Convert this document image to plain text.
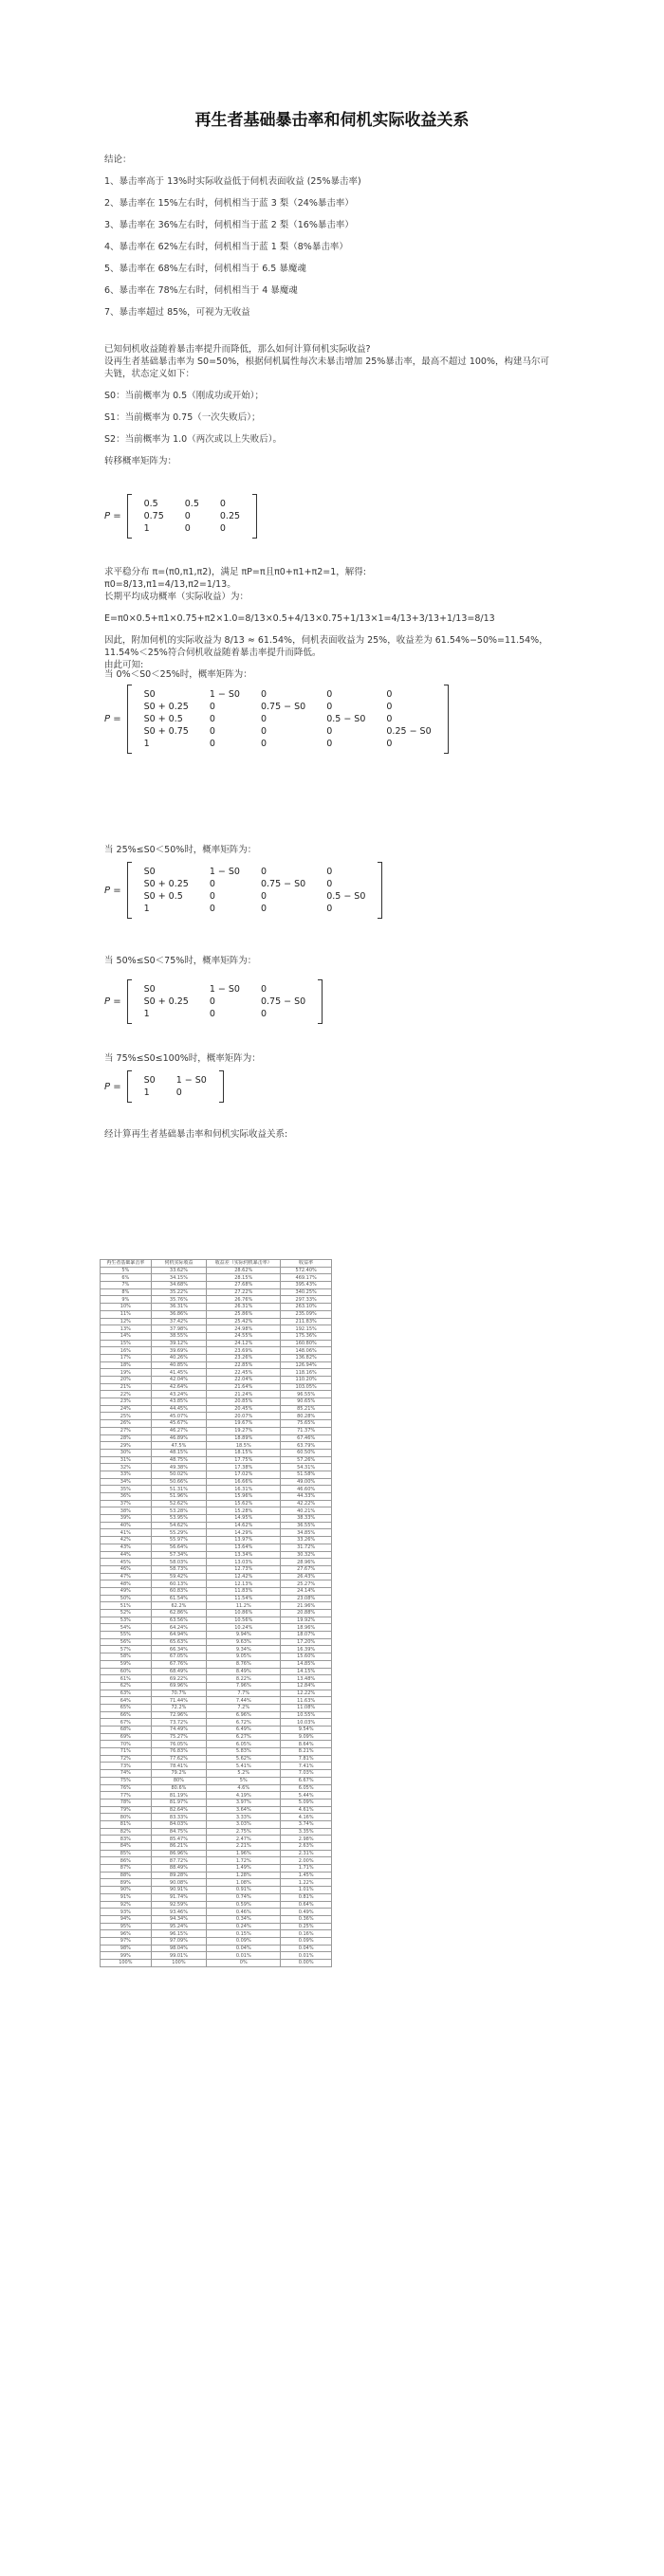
再生者基础暴击率和伺机实际收益关系

结论：

1、暴击率高于 13%时实际收益低于伺机表面收益 (25%暴击率)

2、暴击率在 15%左右时，伺机相当于蓝 3 梨（24%暴击率）

3、暴击率在 36%左右时，伺机相当于蓝 2 梨（16%暴击率）

4、暴击率在 62%左右时，伺机相当于蓝 1 梨（8%暴击率）

5、暴击率在 68%左右时，伺机相当于 6.5 暴魔魂

6、暴击率在 78%左右时，伺机相当于 4 暴魔魂

7、暴击率超过 85%，可视为无收益

已知伺机收益随着暴击率提升而降低，那么如何计算伺机实际收益?

设再生者基础暴击率为 S0=50%，根据伺机属性每次未暴击增加 25%暴击率，最高不超过 100%，构建马尔可夫链，状态定义如下：

S0：当前概率为 0.5（刚成功或开始）；

S1：当前概率为 0.75（一次失败后）；

S2：当前概率为 1.0（两次或以上失败后）。

转移概率矩阵为：

P =
0.5	0.5	0
0.75	0	0.25
1	0	0

求平稳分布 π=(π0,π1,π2)，满足 πP=π且π0+π1+π2=1，解得:

π0=8/13,π1=4/13,π2=1/13。

长期平均成功概率（实际收益）为：

E=π0×0.5+π1×0.75+π2×1.0=8/13×0.5+4/13×0.75+1/13×1=4/13+3/13+1/13=8/13

因此，附加伺机的实际收益为 8/13 ≈ 61.54%，伺机表面收益为 25%，收益差为 61.54%−50%=11.54%，11.54%＜25%符合伺机收益随着暴击率提升而降低。

由此可知:

当 0%＜S0＜25%时，概率矩阵为：
P =
S0	1 − S0	0	0	0
S0 + 0.25	0	0.75 − S0	0	0
S0 + 0.5	0	0	0.5 − S0	0
S0 + 0.75	0	0	0	0.25 − S0
1	0	0	0	0
当 25%≤S0＜50%时，概率矩阵为：
P =
S0	1 − S0	0	0
S0 + 0.25	0	0.75 − S0	0
S0 + 0.5	0	0	0.5 − S0
1	0	0	0
当 50%≤S0＜75%时，概率矩阵为：
P =
S0	1 − S0	0
S0 + 0.25	0	0.75 − S0
1	0	0
当 75%≤S0≤100%时，概率矩阵为：
P =
S0	1 − S0
1	0
经计算再生者基础暴击率和伺机实际收益关系:
再生者基础暴击率	伺机实际收益	收益差（实际伺机暴击率）	收益率
5%	33.62%	28.62%	572.40%
6%	34.15%	28.15%	469.17%
7%	34.68%	27.68%	395.43%
8%	35.22%	27.22%	340.25%
9%	35.76%	26.76%	297.33%
10%	36.31%	26.31%	263.10%
11%	36.86%	25.86%	235.09%
12%	37.42%	25.42%	211.83%
13%	37.98%	24.98%	192.15%
14%	38.55%	24.55%	175.36%
15%	39.12%	24.12%	160.80%
16%	39.69%	23.69%	148.06%
17%	40.26%	23.26%	136.82%
18%	40.85%	22.85%	126.94%
19%	41.45%	22.45%	118.16%
20%	42.04%	22.04%	110.20%
21%	42.64%	21.64%	103.05%
22%	43.24%	21.24%	96.55%
23%	43.85%	20.85%	90.65%
24%	44.45%	20.45%	85.21%
25%	45.07%	20.07%	80.28%
26%	45.67%	19.67%	75.65%
27%	46.27%	19.27%	71.37%
28%	46.89%	18.89%	67.46%
29%	47.5%	18.5%	63.79%
30%	48.15%	18.15%	60.50%
31%	48.75%	17.75%	57.26%
32%	49.38%	17.38%	54.31%
33%	50.02%	17.02%	51.58%
34%	50.66%	16.66%	49.00%
35%	51.31%	16.31%	46.60%
36%	51.96%	15.96%	44.33%
37%	52.62%	15.62%	42.22%
38%	53.28%	15.28%	40.21%
39%	53.95%	14.95%	38.33%
40%	54.62%	14.62%	36.55%
41%	55.29%	14.29%	34.85%
42%	55.97%	13.97%	33.26%
43%	56.64%	13.64%	31.72%
44%	57.34%	13.34%	30.32%
45%	58.03%	13.03%	28.96%
46%	58.73%	12.73%	27.67%
47%	59.42%	12.42%	26.43%
48%	60.13%	12.13%	25.27%
49%	60.83%	11.83%	24.14%
50%	61.54%	11.54%	23.08%
51%	62.2%	11.2%	21.96%
52%	62.86%	10.86%	20.88%
53%	63.56%	10.56%	19.92%
54%	64.24%	10.24%	18.96%
55%	64.94%	9.94%	18.07%
56%	65.63%	9.63%	17.20%
57%	66.34%	9.34%	16.39%
58%	67.05%	9.05%	15.60%
59%	67.76%	8.76%	14.85%
60%	68.49%	8.49%	14.15%
61%	69.22%	8.22%	13.48%
62%	69.96%	7.96%	12.84%
63%	70.7%	7.7%	12.22%
64%	71.44%	7.44%	11.63%
65%	72.2%	7.2%	11.08%
66%	72.96%	6.96%	10.55%
67%	73.72%	6.72%	10.03%
68%	74.49%	6.49%	9.54%
69%	75.27%	6.27%	9.09%
70%	76.05%	6.05%	8.64%
71%	76.83%	5.83%	8.21%
72%	77.62%	5.62%	7.81%
73%	78.41%	5.41%	7.41%
74%	79.2%	5.2%	7.03%
75%	80%	5%	6.67%
76%	80.6%	4.6%	6.05%
77%	81.19%	4.19%	5.44%
78%	81.97%	3.97%	5.09%
79%	82.64%	3.64%	4.61%
80%	83.33%	3.33%	4.16%
81%	84.03%	3.03%	3.74%
82%	84.75%	2.75%	3.35%
83%	85.47%	2.47%	2.98%
84%	86.21%	2.21%	2.63%
85%	86.96%	1.96%	2.31%
86%	87.72%	1.72%	2.00%
87%	88.49%	1.49%	1.71%
88%	89.28%	1.28%	1.45%
89%	90.08%	1.08%	1.22%
90%	90.91%	0.91%	1.01%
91%	91.74%	0.74%	0.81%
92%	92.59%	0.59%	0.64%
93%	93.46%	0.46%	0.49%
94%	94.34%	0.34%	0.36%
95%	95.24%	0.24%	0.25%
96%	96.15%	0.15%	0.16%
97%	97.09%	0.09%	0.09%
98%	98.04%	0.04%	0.04%
99%	99.01%	0.01%	0.01%
100%	100%	0%	0.00%
